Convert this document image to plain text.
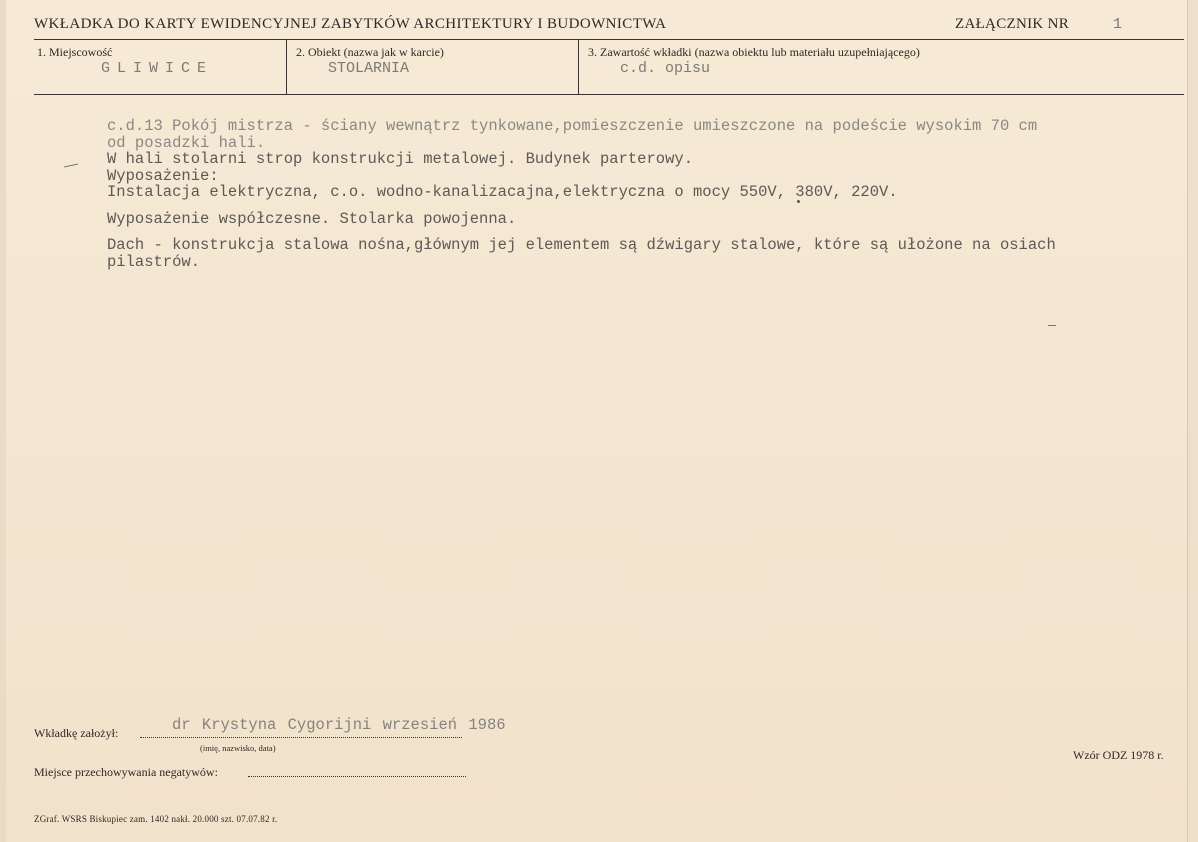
WKŁADKA DO KARTY EWIDENCYJNEJ ZABYTKÓW ARCHITEKTURY I BUDOWNICTWA	ZAŁĄCZNIK NR	1
1. Miejscowość
GLIWICE
2. Obiekt (nazwa jak w karcie)
STOLARNIA
3. Zawartość wkładki (nazwa obiektu lub materiału uzupełniającego)
c.d. opisu

c.d.13 Pokój mistrza - ściany wewnątrz tynkowane,pomieszczenie umieszczone na podeście wysokim 70 cm

od posadzki hali.

W hali stolarni strop konstrukcji metalowej. Budynek parterowy.

Wyposażenie:

Instalacja elektryczna, c.o. wodno-kanalizacajna,elektryczna o mocy 550V, 380V, 220V.

Wyposażenie współczesne. Stolarka powojenna.

Dach - konstrukcja stalowa nośna,głównym jej elementem są dźwigary stalowe, które są ułożone na osiach

pilastrów.

Wkładkę założył:	dr Krystyna Cygorijni wrzesień 1986
(imię, nazwisko, data)
Miejsce przechowywania negatywów:
Wzór ODZ 1978 r.
ZGraf. WSRS Biskupiec zam. 1402 nakł. 20.000 szt. 07.07.82 r.
